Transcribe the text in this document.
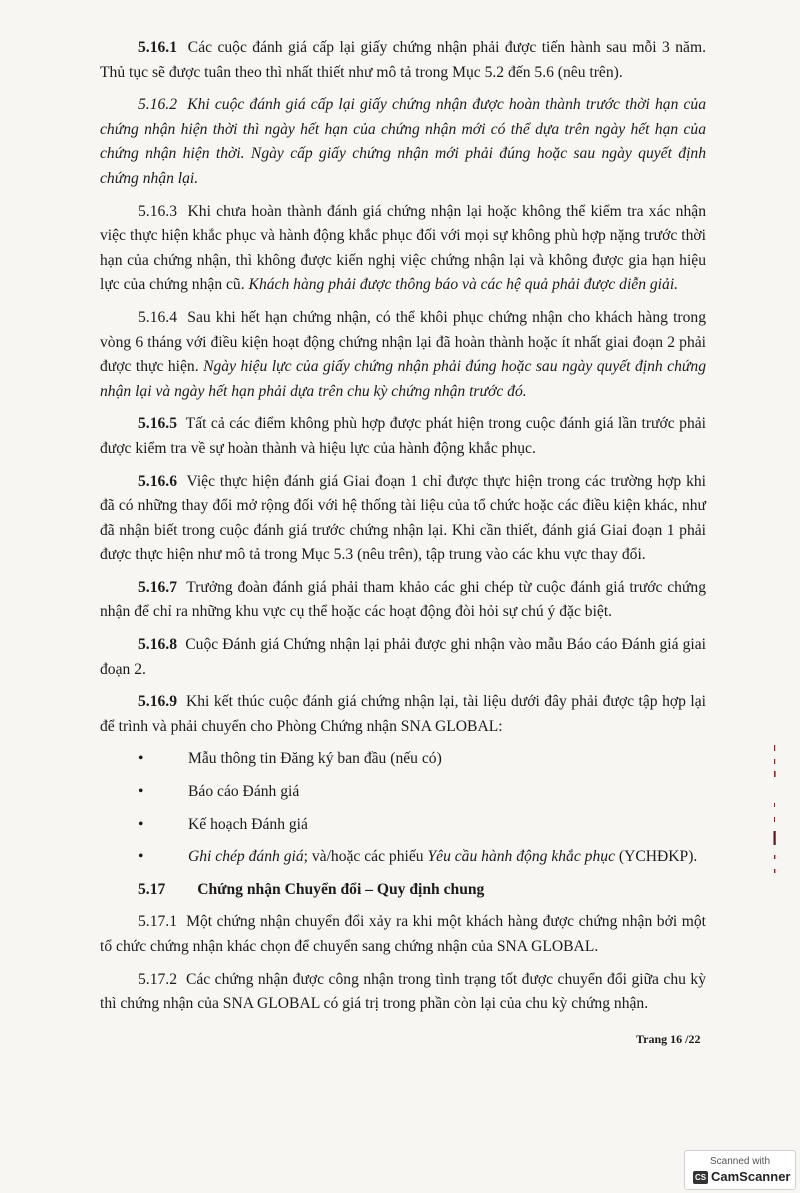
5.16.1 Các cuộc đánh giá cấp lại giấy chứng nhận phải được tiến hành sau mỗi 3 năm. Thủ tục sẽ được tuân theo thì nhất thiết như mô tả trong Mục 5.2 đến 5.6 (nêu trên).

5.16.2 Khi cuộc đánh giá cấp lại giấy chứng nhận được hoàn thành trước thời hạn của chứng nhận hiện thời thì ngày hết hạn của chứng nhận mới có thể dựa trên ngày hết hạn của chứng nhận hiện thời. Ngày cấp giấy chứng nhận mới phải đúng hoặc sau ngày quyết định chứng nhận lại.

5.16.3 Khi chưa hoàn thành đánh giá chứng nhận lại hoặc không thể kiểm tra xác nhận việc thực hiện khắc phục và hành động khắc phục đối với mọi sự không phù hợp nặng trước thời hạn của chứng nhận, thì không được kiến nghị việc chứng nhận lại và không được gia hạn hiệu lực của chứng nhận cũ. Khách hàng phải được thông báo và các hệ quả phải được diễn giải.

5.16.4 Sau khi hết hạn chứng nhận, có thể khôi phục chứng nhận cho khách hàng trong vòng 6 tháng với điều kiện hoạt động chứng nhận lại đã hoàn thành hoặc ít nhất giai đoạn 2 phải được thực hiện. Ngày hiệu lực của giấy chứng nhận phải đúng hoặc sau ngày quyết định chứng nhận lại và ngày hết hạn phải dựa trên chu kỳ chứng nhận trước đó.

5.16.5 Tất cả các điểm không phù hợp được phát hiện trong cuộc đánh giá lần trước phải được kiểm tra về sự hoàn thành và hiệu lực của hành động khắc phục.

5.16.6 Việc thực hiện đánh giá Giai đoạn 1 chỉ được thực hiện trong các trường hợp khi đã có những thay đổi mở rộng đối với hệ thống tài liệu của tổ chức hoặc các điều kiện khác, như đã nhận biết trong cuộc đánh giá trước chứng nhận lại. Khi cần thiết, đánh giá Giai đoạn 1 phải được thực hiện như mô tả trong Mục 5.3 (nêu trên), tập trung vào các khu vực thay đổi.

5.16.7 Trưởng đoàn đánh giá phải tham khảo các ghi chép từ cuộc đánh giá trước chứng nhận để chỉ ra những khu vực cụ thể hoặc các hoạt động đòi hỏi sự chú ý đặc biệt.

5.16.8 Cuộc Đánh giá Chứng nhận lại phải được ghi nhận vào mẫu Báo cáo Đánh giá giai đoạn 2.

5.16.9 Khi kết thúc cuộc đánh giá chứng nhận lại, tài liệu dưới đây phải được tập hợp lại để trình và phải chuyển cho Phòng Chứng nhận SNA GLOBAL:

•	Mẫu thông tin Đăng ký ban đầu (nếu có)
•	Báo cáo Đánh giá
•	Kế hoạch Đánh giá

•	Ghi chép đánh giá; và/hoặc các phiếu Yêu cầu hành động khắc phục (YCHĐKP).

5.17 Chứng nhận Chuyển đổi – Quy định chung

5.17.1 Một chứng nhận chuyển đổi xảy ra khi một khách hàng được chứng nhận bởi một tổ chức chứng nhận khác chọn để chuyển sang chứng nhận của SNA GLOBAL.

5.17.2 Các chứng nhận được công nhận trong tình trạng tốt được chuyển đổi giữa chu kỳ thì chứng nhận của SNA GLOBAL có giá trị trong phần còn lại của chu kỳ chứng nhận.

Trang 16 /22
Scanned with
CS CamScanner
